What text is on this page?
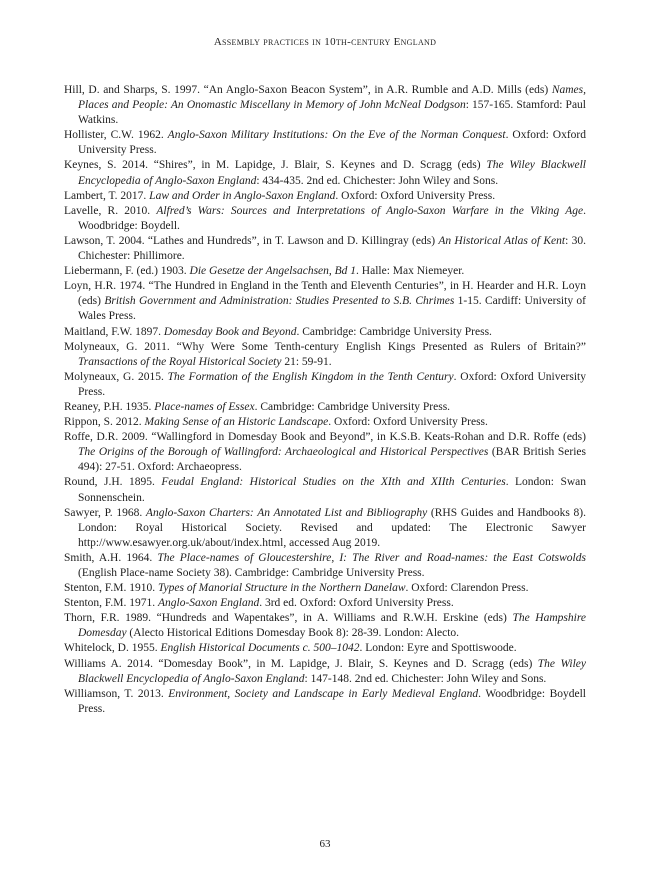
Assembly practices in 10th-century England
Hill, D. and Sharps, S. 1997. “An Anglo-Saxon Beacon System”, in A.R. Rumble and A.D. Mills (eds) Names, Places and People: An Onomastic Miscellany in Memory of John McNeal Dodgson: 157-165. Stamford: Paul Watkins.
Hollister, C.W. 1962. Anglo-Saxon Military Institutions: On the Eve of the Norman Conquest. Oxford: Oxford University Press.
Keynes, S. 2014. “Shires”, in M. Lapidge, J. Blair, S. Keynes and D. Scragg (eds) The Wiley Blackwell Encyclopedia of Anglo-Saxon England: 434-435. 2nd ed. Chichester: John Wiley and Sons.
Lambert, T. 2017. Law and Order in Anglo-Saxon England. Oxford: Oxford University Press.
Lavelle, R. 2010. Alfred’s Wars: Sources and Interpretations of Anglo-Saxon Warfare in the Viking Age. Woodbridge: Boydell.
Lawson, T. 2004. “Lathes and Hundreds”, in T. Lawson and D. Killingray (eds) An Historical Atlas of Kent: 30. Chichester: Phillimore.
Liebermann, F. (ed.) 1903. Die Gesetze der Angelsachsen, Bd 1. Halle: Max Niemeyer.
Loyn, H.R. 1974. “The Hundred in England in the Tenth and Eleventh Centuries”, in H. Hearder and H.R. Loyn (eds) British Government and Administration: Studies Presented to S.B. Chrimes 1-15. Cardiff: University of Wales Press.
Maitland, F.W. 1897. Domesday Book and Beyond. Cambridge: Cambridge University Press.
Molyneaux, G. 2011. “Why Were Some Tenth-century English Kings Presented as Rulers of Britain?” Transactions of the Royal Historical Society 21: 59-91.
Molyneaux, G. 2015. The Formation of the English Kingdom in the Tenth Century. Oxford: Oxford University Press.
Reaney, P.H. 1935. Place-names of Essex. Cambridge: Cambridge University Press.
Rippon, S. 2012. Making Sense of an Historic Landscape. Oxford: Oxford University Press.
Roffe, D.R. 2009. “Wallingford in Domesday Book and Beyond”, in K.S.B. Keats-Rohan and D.R. Roffe (eds) The Origins of the Borough of Wallingford: Archaeological and Historical Perspectives (BAR British Series 494): 27-51. Oxford: Archaeopress.
Round, J.H. 1895. Feudal England: Historical Studies on the XIth and XIIth Centuries. London: Swan Sonnenschein.
Sawyer, P. 1968. Anglo-Saxon Charters: An Annotated List and Bibliography (RHS Guides and Handbooks 8). London: Royal Historical Society. Revised and updated: The Electronic Sawyer http://www.esawyer.org.uk/about/index.html, accessed Aug 2019.
Smith, A.H. 1964. The Place-names of Gloucestershire, I: The River and Road-names: the East Cotswolds (English Place-name Society 38). Cambridge: Cambridge University Press.
Stenton, F.M. 1910. Types of Manorial Structure in the Northern Danelaw. Oxford: Clarendon Press.
Stenton, F.M. 1971. Anglo-Saxon England. 3rd ed. Oxford: Oxford University Press.
Thorn, F.R. 1989. “Hundreds and Wapentakes”, in A. Williams and R.W.H. Erskine (eds) The Hampshire Domesday (Alecto Historical Editions Domesday Book 8): 28-39. London: Alecto.
Whitelock, D. 1955. English Historical Documents c. 500–1042. London: Eyre and Spottiswoode.
Williams A. 2014. “Domesday Book”, in M. Lapidge, J. Blair, S. Keynes and D. Scragg (eds) The Wiley Blackwell Encyclopedia of Anglo-Saxon England: 147-148. 2nd ed. Chichester: John Wiley and Sons.
Williamson, T. 2013. Environment, Society and Landscape in Early Medieval England. Woodbridge: Boydell Press.
63
